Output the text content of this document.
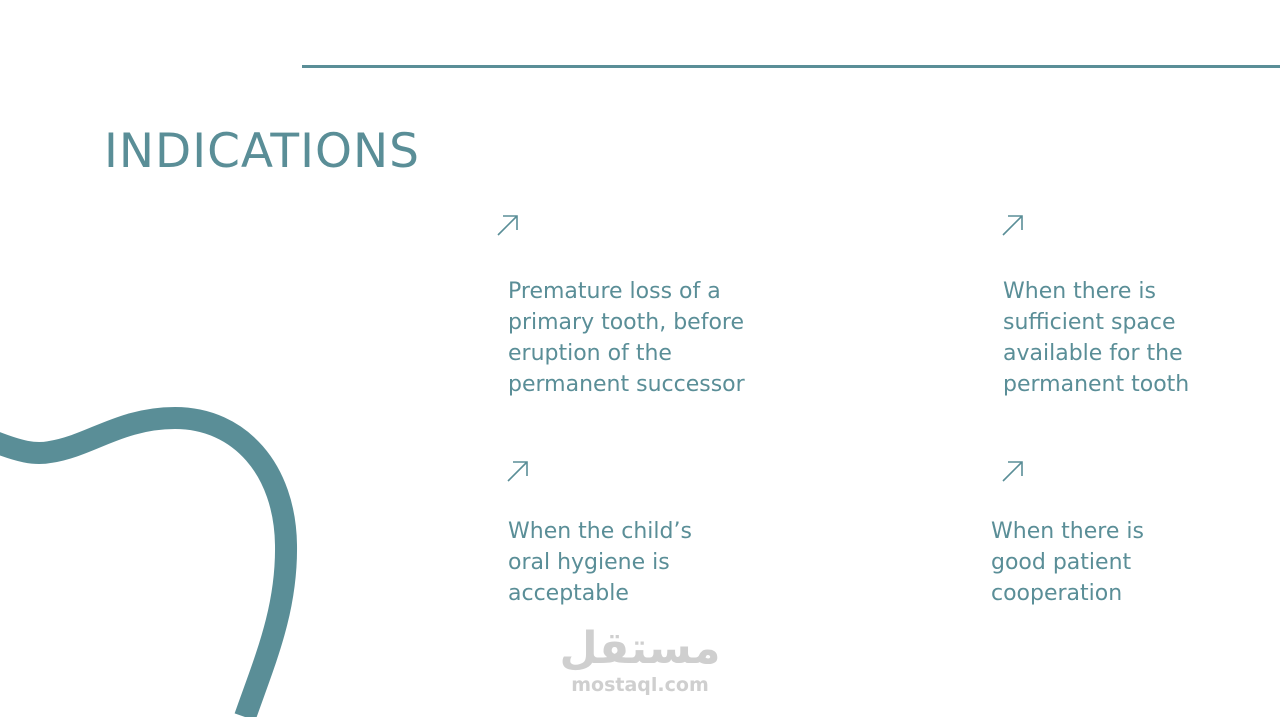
INDICATIONS
Premature loss of a
primary tooth, before
eruption of the
permanent successor
When there is
sufficient space
available for the
permanent tooth
When the child’s
oral hygiene is
acceptable
When there is
good patient
cooperation
مستقل
mostaql.com
